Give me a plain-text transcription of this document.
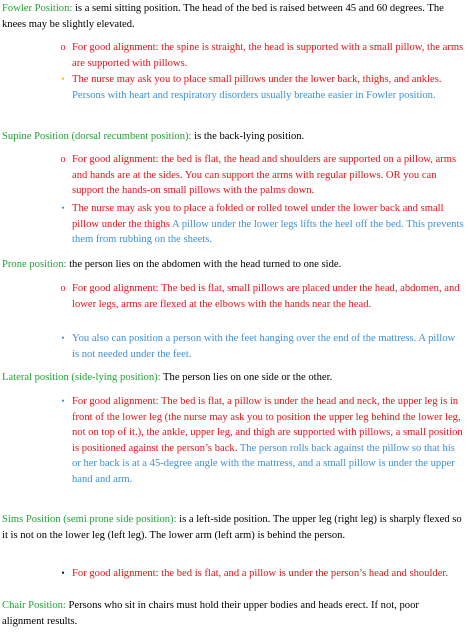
Fowler Position: is a semi sitting position. The head of the bed is raised between 45 and 60 degrees. The knees may be slightly elevated.

o For good alignment: the spine is straight, the head is supported with a small pillow, the arms are supported with pillows.

• The nurse may ask you to place small pillows under the lower back, thighs, and ankles. Persons with heart and respiratory disorders usually breathe easier in Fowler position.

Supine Position (dorsal recumbent position): is the back-lying position.

o For good alignment: the bed is flat, the head and shoulders are supported on a pillow, arms and hands are at the sides. You can support the arms with regular pillows. OR you can support the hands-on small pillows with the palms down.

• The nurse may ask you to place a folded or rolled towel under the lower back and small pillow under the thighs A pillow under the lower legs lifts the heel off the bed. This prevents them from rubbing on the sheets.

Prone position: the person lies on the abdomen with the head turned to one side.

o For good alignment: The bed is flat, small pillows are placed under the head, abdomen, and lower legs, arms are flexed at the elbows with the hands near the head.

• You also can position a person with the feet hanging over the end of the mattress. A pillow is not needed under the feet.

Lateral position (side-lying position): The person lies on one side or the other.

• For good alignment: The bed is flat, a pillow is under the head and neck, the upper leg is in front of the lower leg (the nurse may ask you to position the upper leg behind the lower leg, not on top of it.), the ankle, upper leg, and thigh are supported with pillows, a small position is positioned against the person’s back. The person rolls back against the pillow so that his or her back is at a 45-degree angle with the mattress, and a small pillow is under the upper hand and arm.

Sims Position (semi prone side position): is a left-side position. The upper leg (right leg) is sharply flexed so it is not on the lower leg (left leg). The lower arm (left arm) is behind the person.

• For good alignment: the bed is flat, and a pillow is under the person’s head and shoulder.

Chair Position: Persons who sit in chairs must hold their upper bodies and heads erect. If not, poor alignment results.
